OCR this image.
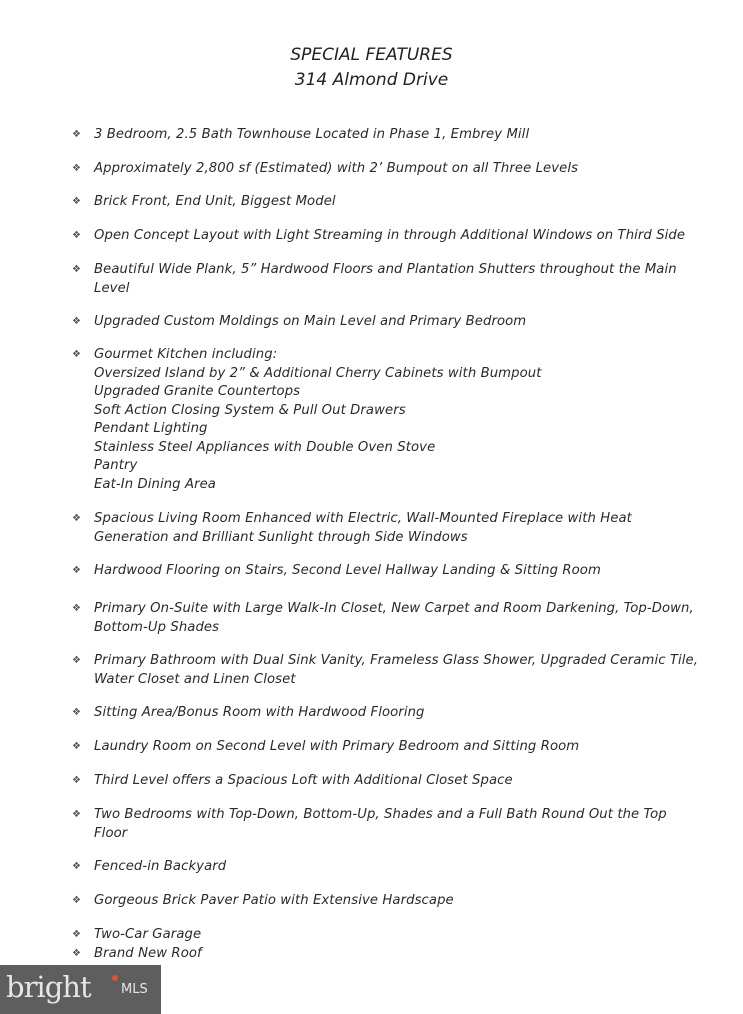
SPECIAL FEATURES
314 Almond Drive
❖ 3 Bedroom, 2.5 Bath Townhouse Located in Phase 1, Embrey Mill
❖ Approximately 2,800 sf (Estimated) with 2’ Bumpout on all Three Levels
❖ Brick Front, End Unit, Biggest Model
❖ Open Concept Layout with Light Streaming in through Additional Windows on Third Side
❖ Beautiful Wide Plank, 5” Hardwood Floors and Plantation Shutters throughout the Main
Level
❖ Upgraded Custom Moldings on Main Level and Primary Bedroom
❖ Gourmet Kitchen including:
Oversized Island by 2” & Additional Cherry Cabinets with Bumpout
Upgraded Granite Countertops
Soft Action Closing System & Pull Out Drawers
Pendant Lighting
Stainless Steel Appliances with Double Oven Stove
Pantry
Eat-In Dining Area
❖ Spacious Living Room Enhanced with Electric, Wall-Mounted Fireplace with Heat
Generation and Brilliant Sunlight through Side Windows
❖ Hardwood Flooring on Stairs, Second Level Hallway Landing & Sitting Room
❖ Primary On-Suite with Large Walk-In Closet, New Carpet and Room Darkening, Top-Down,
Bottom-Up Shades
❖ Primary Bathroom with Dual Sink Vanity, Frameless Glass Shower, Upgraded Ceramic Tile,
Water Closet and Linen Closet
❖ Sitting Area/Bonus Room with Hardwood Flooring
❖ Laundry Room on Second Level with Primary Bedroom and Sitting Room
❖ Third Level offers a Spacious Loft with Additional Closet Space
❖ Two Bedrooms with Top-Down, Bottom-Up, Shades and a Full Bath Round Out the Top
Floor
❖ Fenced-in Backyard
❖ Gorgeous Brick Paver Patio with Extensive Hardscape
❖ Two-Car Garage
❖ Brand New Roof
bright MLS
